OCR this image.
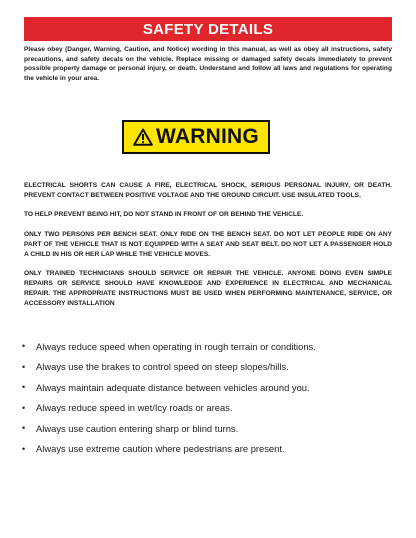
SAFETY DETAILS

Please obey (Danger, Warning, Caution, and Notice) wording in this manual, as well as obey all instructions, safety precautions, and safety decals on the vehicle. Replace missing or damaged safety decals immediately to prevent possible property damage or personal injury, or death. Understand and follow all laws and regulations for operating the vehicle in your area.

WARNING

ELECTRICAL SHORTS CAN CAUSE A FIRE, ELECTRICAL SHOCK, SERIOUS PERSONAL INJURY, OR DEATH. PREVENT CONTACT BETWEEN POSITIVE VOLTAGE AND THE GROUND CIRCUIT. USE INSULATED TOOLS.

TO HELP PREVENT BEING HIT, DO NOT STAND IN FRONT OF OR BEHIND THE VEHICLE.

ONLY TWO PERSONS PER BENCH SEAT. ONLY RIDE ON THE BENCH SEAT. DO NOT LET PEOPLE RIDE ON ANY PART OF THE VEHICLE THAT IS NOT EQUIPPED WITH A SEAT AND SEAT BELT. DO NOT LET A PASSENGER HOLD A CHILD IN HIS OR HER LAP WHILE THE VEHICLE MOVES.

ONLY TRAINED TECHNICIANS SHOULD SERVICE OR REPAIR THE VEHICLE. ANYONE DOING EVEN SIMPLE REPAIRS OR SERVICE SHOULD HAVE KNOWLEDGE AND EXPERIENCE IN ELECTRICAL AND MECHANICAL REPAIR. THE APPROPRIATE INSTRUCTIONS MUST BE USED WHEN PERFORMING MAINTENANCE, SERVICE, OR ACCESSORY INSTALLATION

•	Always reduce speed when operating in rough terrain or conditions.
•	Always use the brakes to control speed on steep slopes/hills.
•	Always maintain adequate distance between vehicles around you.
•	Always reduce speed in wet/Icy roads or areas.
•	Always use caution entering sharp or blind turns.
•	Always use extreme caution where pedestrians are present.
